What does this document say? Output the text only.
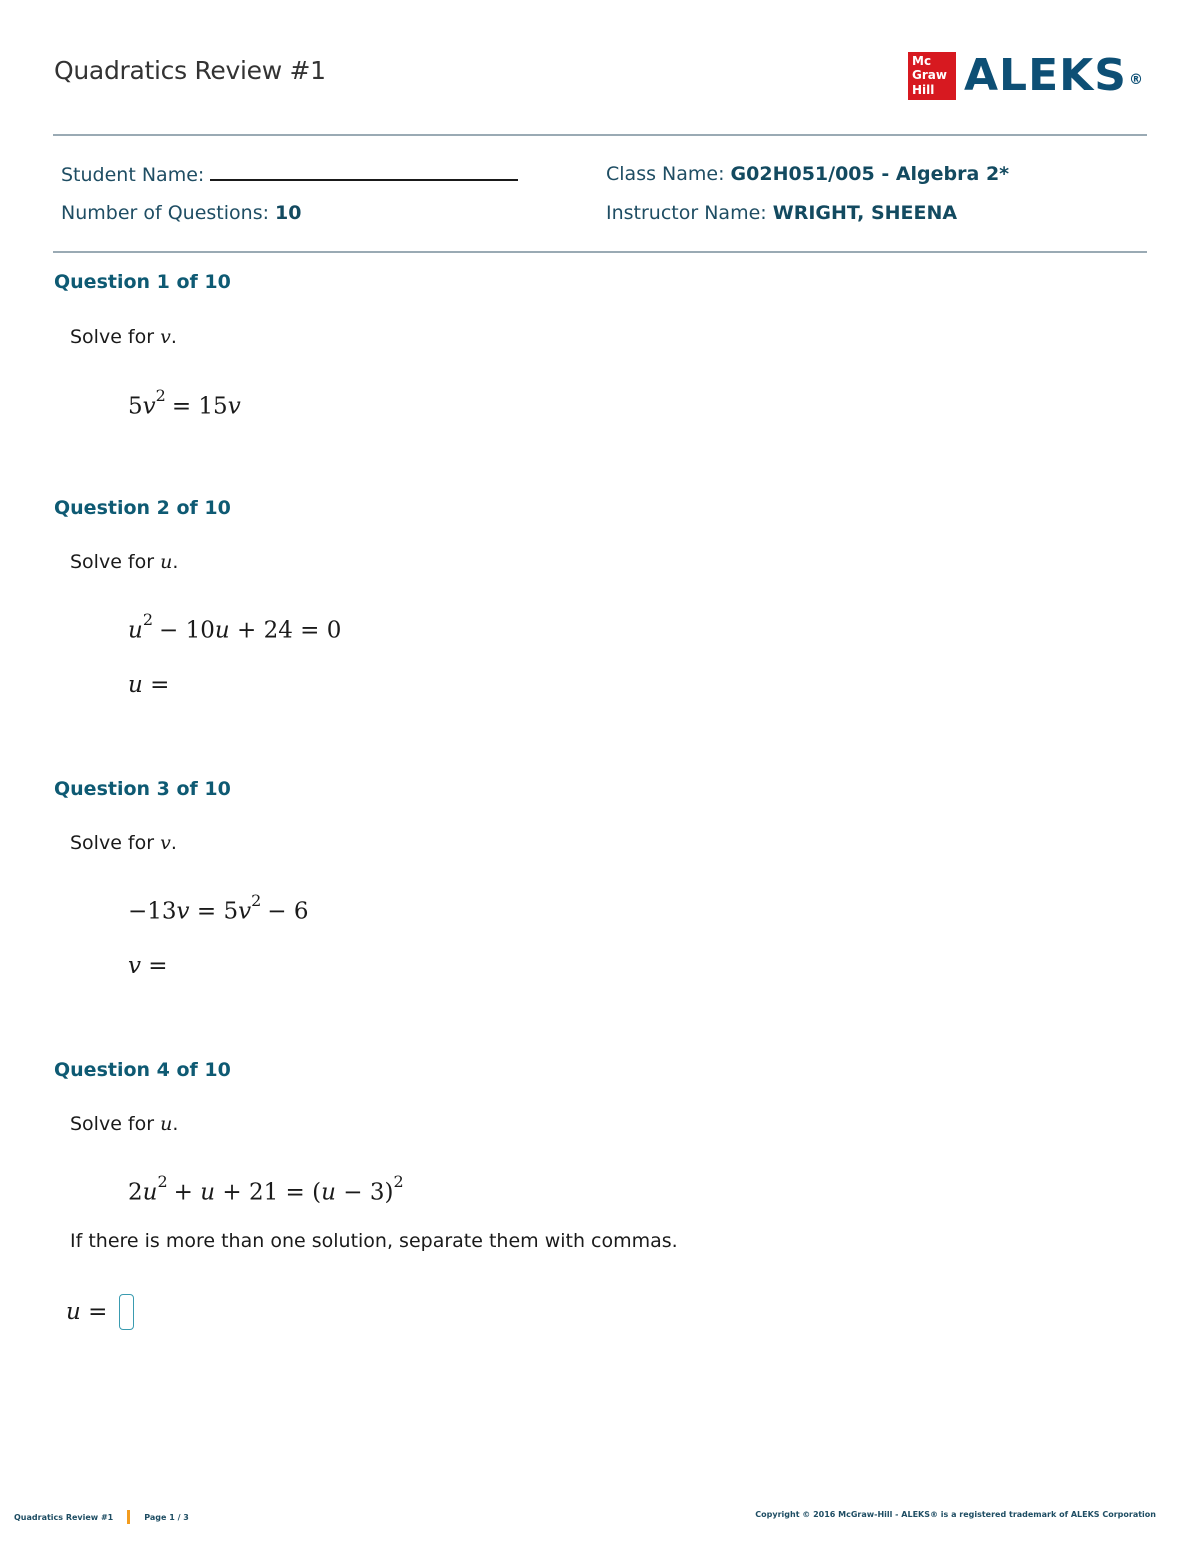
Quadratics Review #1	Mc
Graw
Hill ALEKS ®
Student Name:
Number of Questions: 10
Class Name: G02H051/005 - Algebra 2*
Instructor Name: WRIGHT, SHEENA
Question 1 of 10
Solve for v.
$5v^2 = 15v$
Question 2 of 10
Solve for u.
$u^2 - 10u + 24 = 0$
u =
Question 3 of 10
Solve for v.
$-13v = 5v^2 - 6$
v =
Question 4 of 10
Solve for u.
$2u^2 + u + 21 = (u - 3)^2$
If there is more than one solution, separate them with commas.
u =
Quadratics Review #1	Page 1 / 3	Copyright © 2016 McGraw-Hill - ALEKS® is a registered trademark of ALEKS Corporation
